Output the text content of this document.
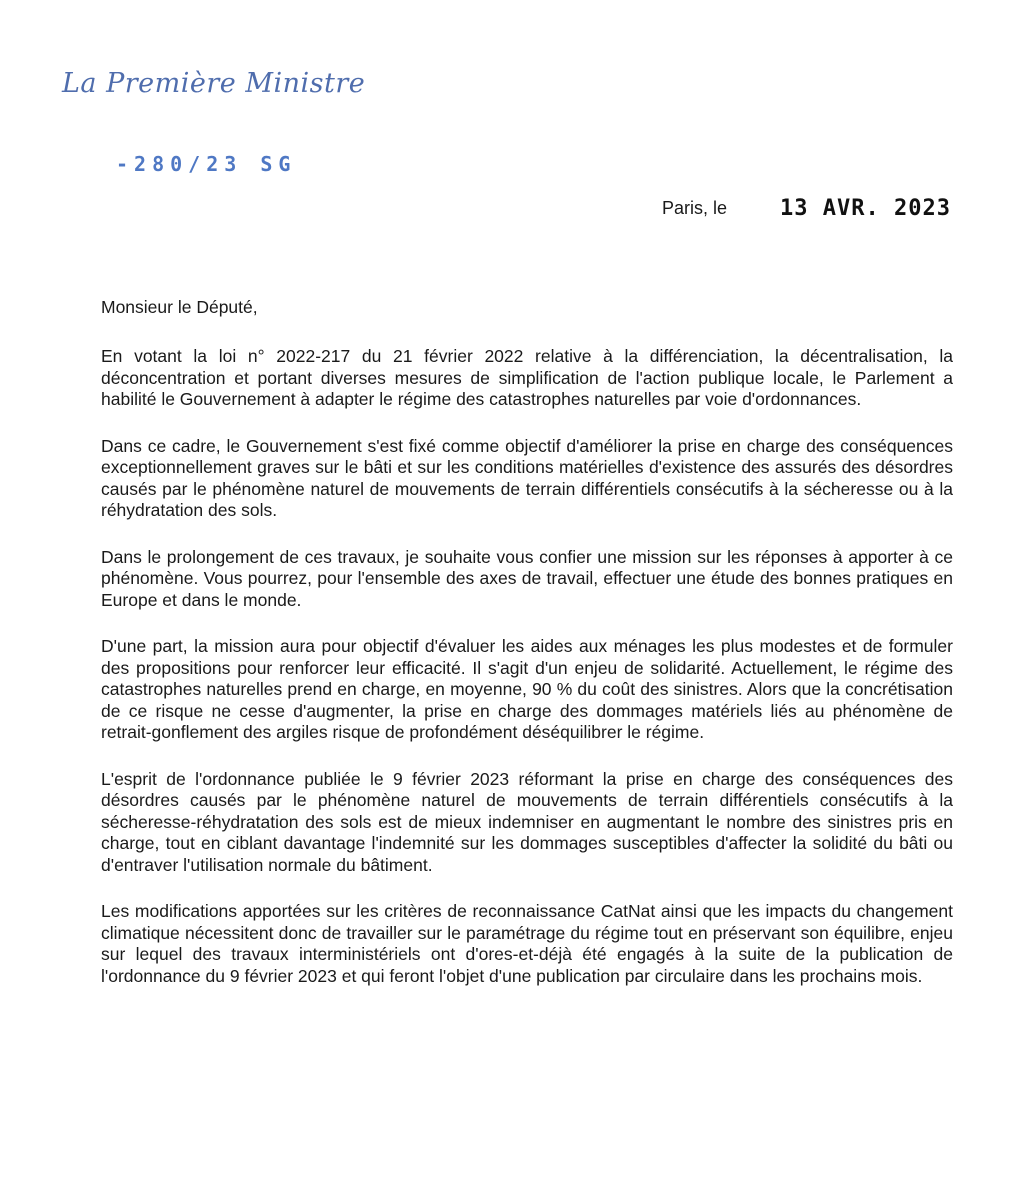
La Première Ministre
-280/23 SG
Paris, le 13 AVR. 2023
Monsieur le Député,

En votant la loi n° 2022-217 du 21 février 2022 relative à la différenciation, la décentralisation, la déconcentration et portant diverses mesures de simplification de l'action publique locale, le Parlement a habilité le Gouvernement à adapter le régime des catastrophes naturelles par voie d'ordonnances.

Dans ce cadre, le Gouvernement s'est fixé comme objectif d'améliorer la prise en charge des conséquences exceptionnellement graves sur le bâti et sur les conditions matérielles d'existence des assurés des désordres causés par le phénomène naturel de mouvements de terrain différentiels consécutifs à la sécheresse ou à la réhydratation des sols.

Dans le prolongement de ces travaux, je souhaite vous confier une mission sur les réponses à apporter à ce phénomène. Vous pourrez, pour l'ensemble des axes de travail, effectuer une étude des bonnes pratiques en Europe et dans le monde.

D'une part, la mission aura pour objectif d'évaluer les aides aux ménages les plus modestes et de formuler des propositions pour renforcer leur efficacité. Il s'agit d'un enjeu de solidarité. Actuellement, le régime des catastrophes naturelles prend en charge, en moyenne, 90 % du coût des sinistres. Alors que la concrétisation de ce risque ne cesse d'augmenter, la prise en charge des dommages matériels liés au phénomène de retrait-gonflement des argiles risque de profondément déséquilibrer le régime.

L'esprit de l'ordonnance publiée le 9 février 2023 réformant la prise en charge des conséquences des désordres causés par le phénomène naturel de mouvements de terrain différentiels consécutifs à la sécheresse-réhydratation des sols est de mieux indemniser en augmentant le nombre des sinistres pris en charge, tout en ciblant davantage l'indemnité sur les dommages susceptibles d'affecter la solidité du bâti ou d'entraver l'utilisation normale du bâtiment.

Les modifications apportées sur les critères de reconnaissance CatNat ainsi que les impacts du changement climatique nécessitent donc de travailler sur le paramétrage du régime tout en préservant son équilibre, enjeu sur lequel des travaux interministériels ont d'ores-et-déjà été engagés à la suite de la publication de l'ordonnance du 9 février 2023 et qui feront l'objet d'une publication par circulaire dans les prochains mois.
